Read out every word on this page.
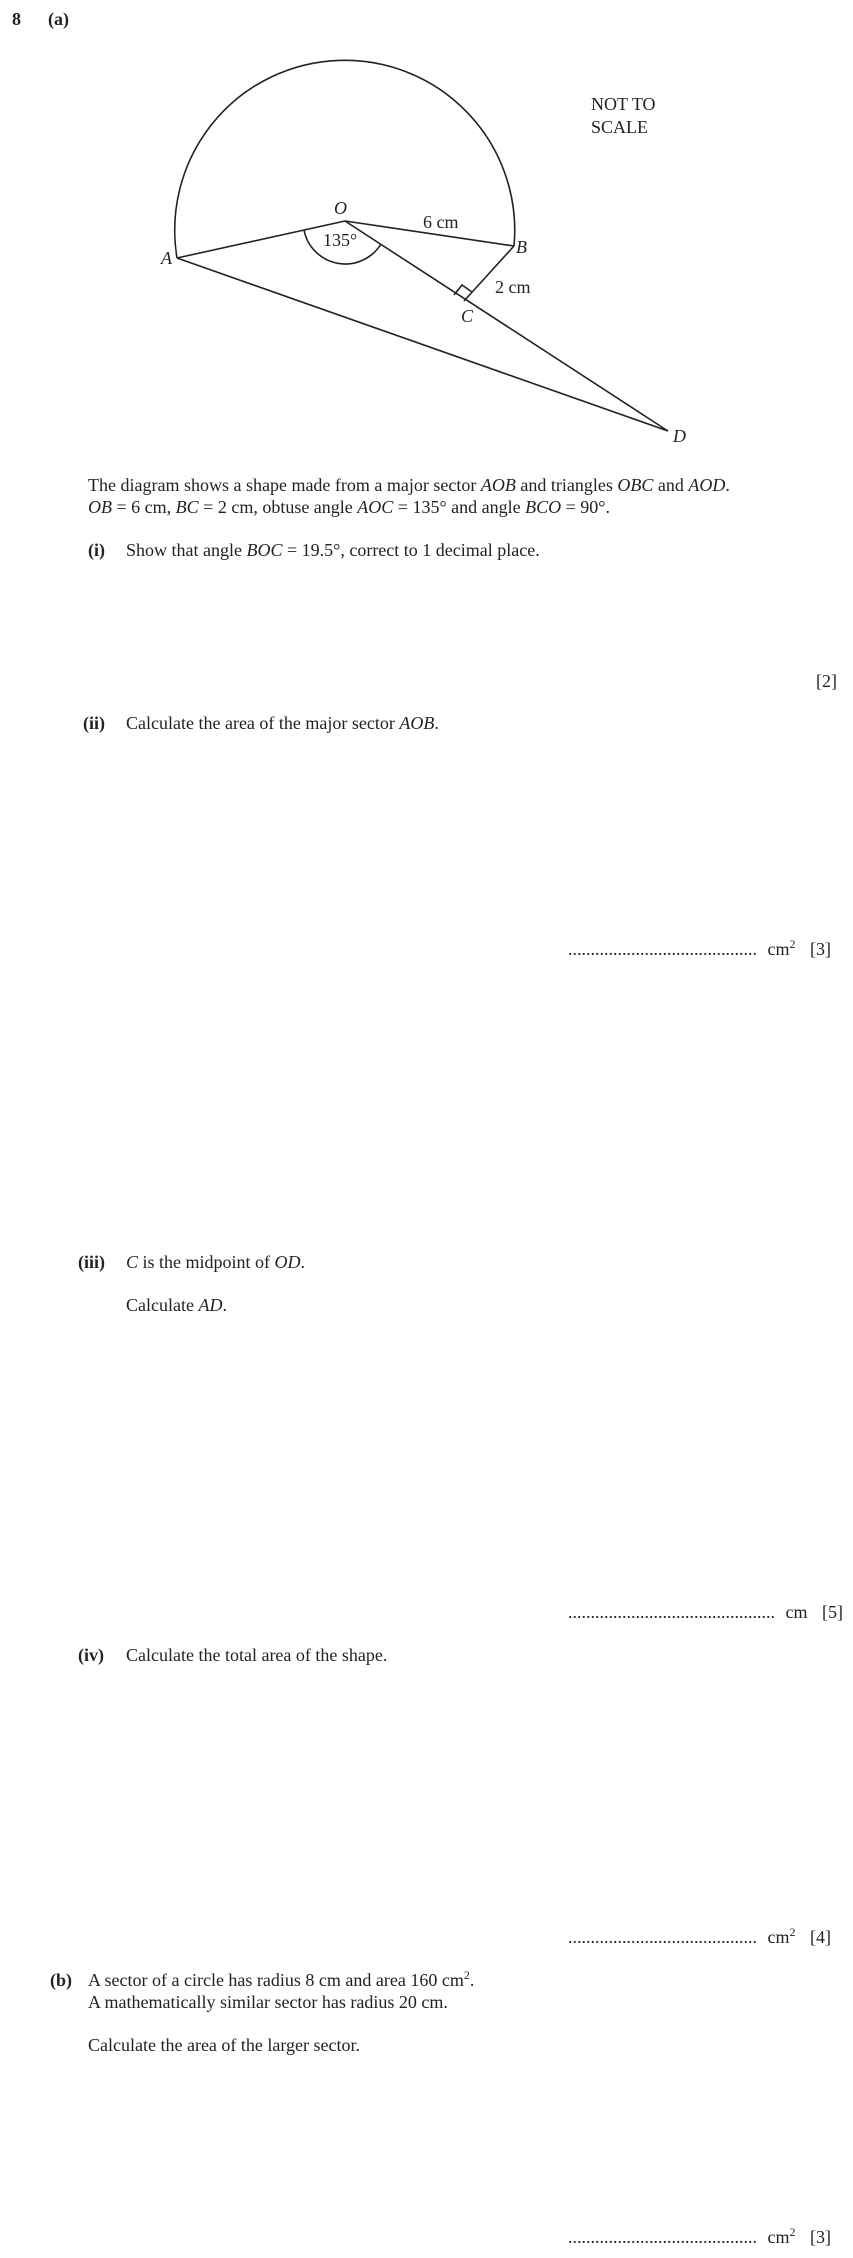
8 (a)
NOT TO
SCALE
O
A
B
C
D
6 cm
2 cm
135°
The diagram shows a shape made from a major sector AOB and triangles OBC and AOD.
OB = 6 cm, BC = 2 cm, obtuse angle AOC = 135° and angle BCO = 90°.
(i) Show that angle BOC = 19.5°, correct to 1 decimal place.
[2]
(ii) Calculate the area of the major sector AOB.
.......................................... $cm^2$ [3]
(iii) C is the midpoint of OD.
Calculate AD.
.............................................. cm [5]
(iv) Calculate the total area of the shape.
.......................................... $cm^2$ [4]
(b) A sector of a circle has radius 8 cm and area 160 $cm^2$.
A mathematically similar sector has radius 20 cm.
Calculate the area of the larger sector.
.......................................... $cm^2$ [3]
